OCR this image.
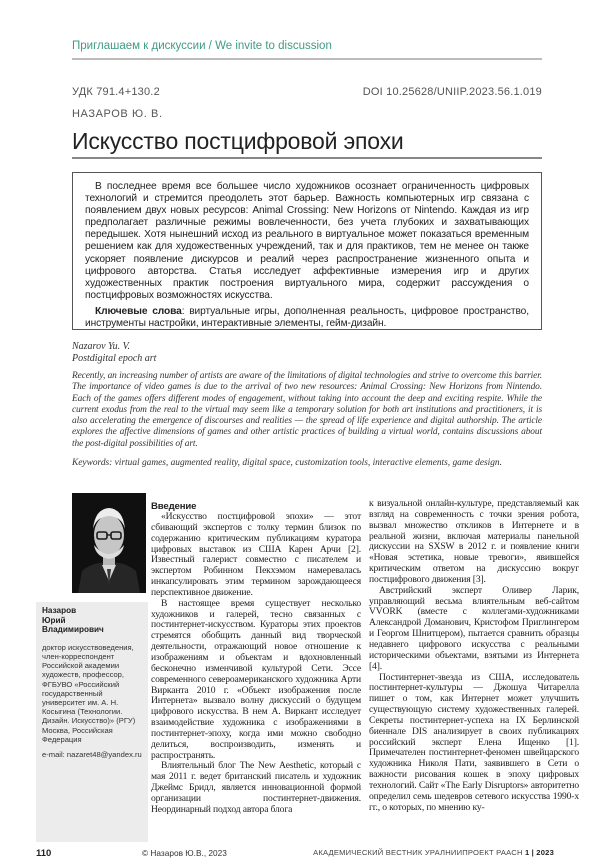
Приглашаем к дискуссии / We invite to discussion
УДК 791.4+130.2	DOI 10.25628/UNIIP.2023.56.1.019
НАЗАРОВ Ю. В.
Искусство постцифровой эпохи

В последнее время все большее число художников осознает ограниченность цифровых технологий и стремится преодолеть этот барьер. Важность компьютерных игр связана с появлением двух новых ресурсов: Animal Crossing: New Horizons от Nintendo. Каждая из игр предполагает различные режимы вовлеченности, без учета глубоких и захватывающих передышек. Хотя нынешний исход из реального в виртуальное может показаться временным решением как для художественных учреждений, так и для практиков, тем не менее он также ускоряет появление дискурсов и реалий через распространение жизненного опыта и цифрового авторства. Статья исследует аффективные измерения игр и других художественных практик построения виртуального мира, содержит рассуждения о постцифровых возможностях искусства.

Ключевые слова: виртуальные игры, дополненная реальность, цифровое пространство, инструменты настройки, интерактивные элементы, гейм-дизайн.

Nazarov Yu. V.
Postdigital epoch art

Recently, an increasing number of artists are aware of the limitations of digital technologies and strive to overcome this barrier. The importance of video games is due to the arrival of two new resources: Animal Crossing: New Horizons from Nintendo. Each of the games offers different modes of engagement, without taking into account the deep and exciting respite. While the current exodus from the real to the virtual may seem like a temporary solution for both art institutions and practitioners, it is also accelerating the emergence of discourses and realities — the spread of life experience and digital authorship. The article explores the affective dimensions of games and other artistic practices of building a virtual world, contains discussions about the post-digital possibilities of art.

Keywords: virtual games, augmented reality, digital space, customization tools, interactive elements, game design.

Назаров
Юрий
Владимирович
доктор искусствоведения, член-корреспондент Российской академии художеств, профессор, ФГБУВО «Российский государственный университет им. А. Н. Косыгина (Технологии. Дизайн. Искусство)» (РГУ) Москва, Российская Федерация
e-mail: nazaret48@yandex.ru
Введение

«Искусство постцифровой эпохи» — этот сбивающий экспертов с толку термин близок по содержанию критическим публикациям куратора цифровых выставок из США Карен Арчи [2]. Известный галерист совместно с писателем и экспертом Робинном Пекхэмом намеревалась инкапсулировать этим термином зарождающееся перспективное движение.

В настоящее время существует несколько художников и галерей, тесно связанных с постинтернет-искусством. Кураторы этих проектов стремятся обобщить данный вид творческой деятельности, отражающий новое отношение к изображениям и объектам и вдохновленный бесконечно изменчивой культурой Сети. Эссе современного североамериканского художника Арти Виркантa 2010 г. «Объект изображения после Интернета» вызвало волну дискуссий о будущем цифрового искусства. В нем А. Виркант исследует взаимодействие художника с изображениями в постинтернет-эпоху, когда ими можно свободно делиться, воспроизводить, изменять и распространять.

Влиятельный блог The New Aesthetic, который с мая 2011 г. ведет британский писатель и художник Джеймс Бридл, является инновационной формой организации постинтернет-движения. Неординарный подход автора блога

к визуальной онлайн-культуре, представляемый как взгляд на современность с точки зрения робота, вызвал множество откликов в Интернете и в реальной жизни, включая материалы панельной дискуссии на SXSW в 2012 г. и появление книги «Новая эстетика, новые тревоги», явившейся критическим ответом на дискуссию вокруг постцифрового движения [3].

Австрийский эксперт Оливер Ларик, управляющий весьма влиятельным веб-сайтом VVORK (вместе с коллегами-художниками Александрой Доманович, Кристофом Приглингером и Георгом Шнитцером), пытается сравнить образцы недавнего цифрового искусства с реальными историческими объектами, взятыми из Интернета [4].

Постинтернет-звезда из США, исследователь постинтернет-культуры — Джошуа Читарелла пишет о том, как Интернет может улучшить существующую систему художественных галерей. Секреты постинтернет-успеха на IX Берлинской биеннале DIS анализирует в своих публикациях российский эксперт Елена Ищенко [1]. Примечателен постинтернет-феномен швейцарского художника Николя Пати, заявившего в Сети о важности рисования кошек в эпоху цифровых технологий. Сайт «The Early Disruptors» авторитетно определил семь шедевров сетевого искусства 1990-х гг., о которых, по мнению ку-

110	© Назаров Ю.В., 2023	АКАДЕМИЧЕСКИЙ ВЕСТНИК УРАЛНИИПРОЕКТ РААСН 1 | 2023
